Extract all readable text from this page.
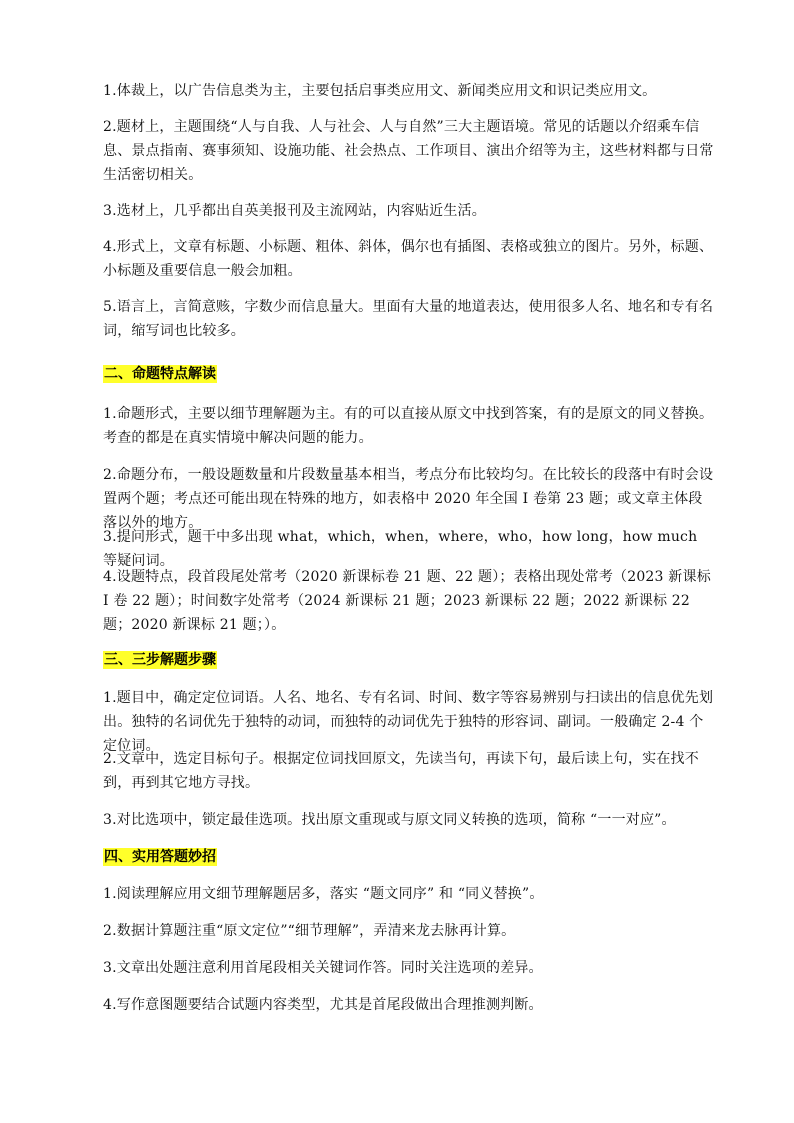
1.体裁上，以广告信息类为主，主要包括启事类应用文、新闻类应用文和识记类应用文。

2.题材上，主题围绕“人与自我、人与社会、人与自然”三大主题语境。常见的话题以介绍乘车信息、景点指南、赛事须知、设施功能、社会热点、工作项目、演出介绍等为主，这些材料都与日常生活密切相关。

3.选材上，几乎都出自英美报刊及主流网站，内容贴近生活。

4.形式上，文章有标题、小标题、粗体、斜体，偶尔也有插图、表格或独立的图片。另外，标题、小标题及重要信息一般会加粗。

5.语言上，言简意赅，字数少而信息量大。里面有大量的地道表达，使用很多人名、地名和专有名词，缩写词也比较多。

二、命题特点解读

1.命题形式，主要以细节理解题为主。有的可以直接从原文中找到答案，有的是原文的同义替换。考查的都是在真实情境中解决问题的能力。

2.命题分布，一般设题数量和片段数量基本相当，考点分布比较均匀。在比较长的段落中有时会设置两个题；考点还可能出现在特殊的地方，如表格中 2020 年全国 I 卷第 23 题；或文章主体段落以外的地方。

3.提问形式，题干中多出现 what，which，when，where，who，how long，how much 等疑问词。

4.设题特点，段首段尾处常考（2020 新课标卷 21 题、22 题）；表格出现处常考（2023 新课标 I 卷 22 题）；时间数字处常考（2024 新课标 21 题；2023 新课标 22 题；2022 新课标 22 题；2020 新课标 21 题；）。

三、三步解题步骤

1.题目中，确定定位词语。人名、地名、专有名词、时间、数字等容易辨别与扫读出的信息优先划出。独特的名词优先于独特的动词，而独特的动词优先于独特的形容词、副词。一般确定 2-4 个定位词。

2.文章中，选定目标句子。根据定位词找回原文，先读当句，再读下句，最后读上句，实在找不到，再到其它地方寻找。

3.对比选项中，锁定最佳选项。找出原文重现或与原文同义转换的选项，简称 “一一对应”。

四、实用答题妙招

1.阅读理解应用文细节理解题居多，落实 “题文同序” 和 “同义替换”。

2.数据计算题注重“原文定位”“细节理解”，弄清来龙去脉再计算。

3.文章出处题注意利用首尾段相关关键词作答。同时关注选项的差异。

4.写作意图题要结合试题内容类型，尤其是首尾段做出合理推测判断。
